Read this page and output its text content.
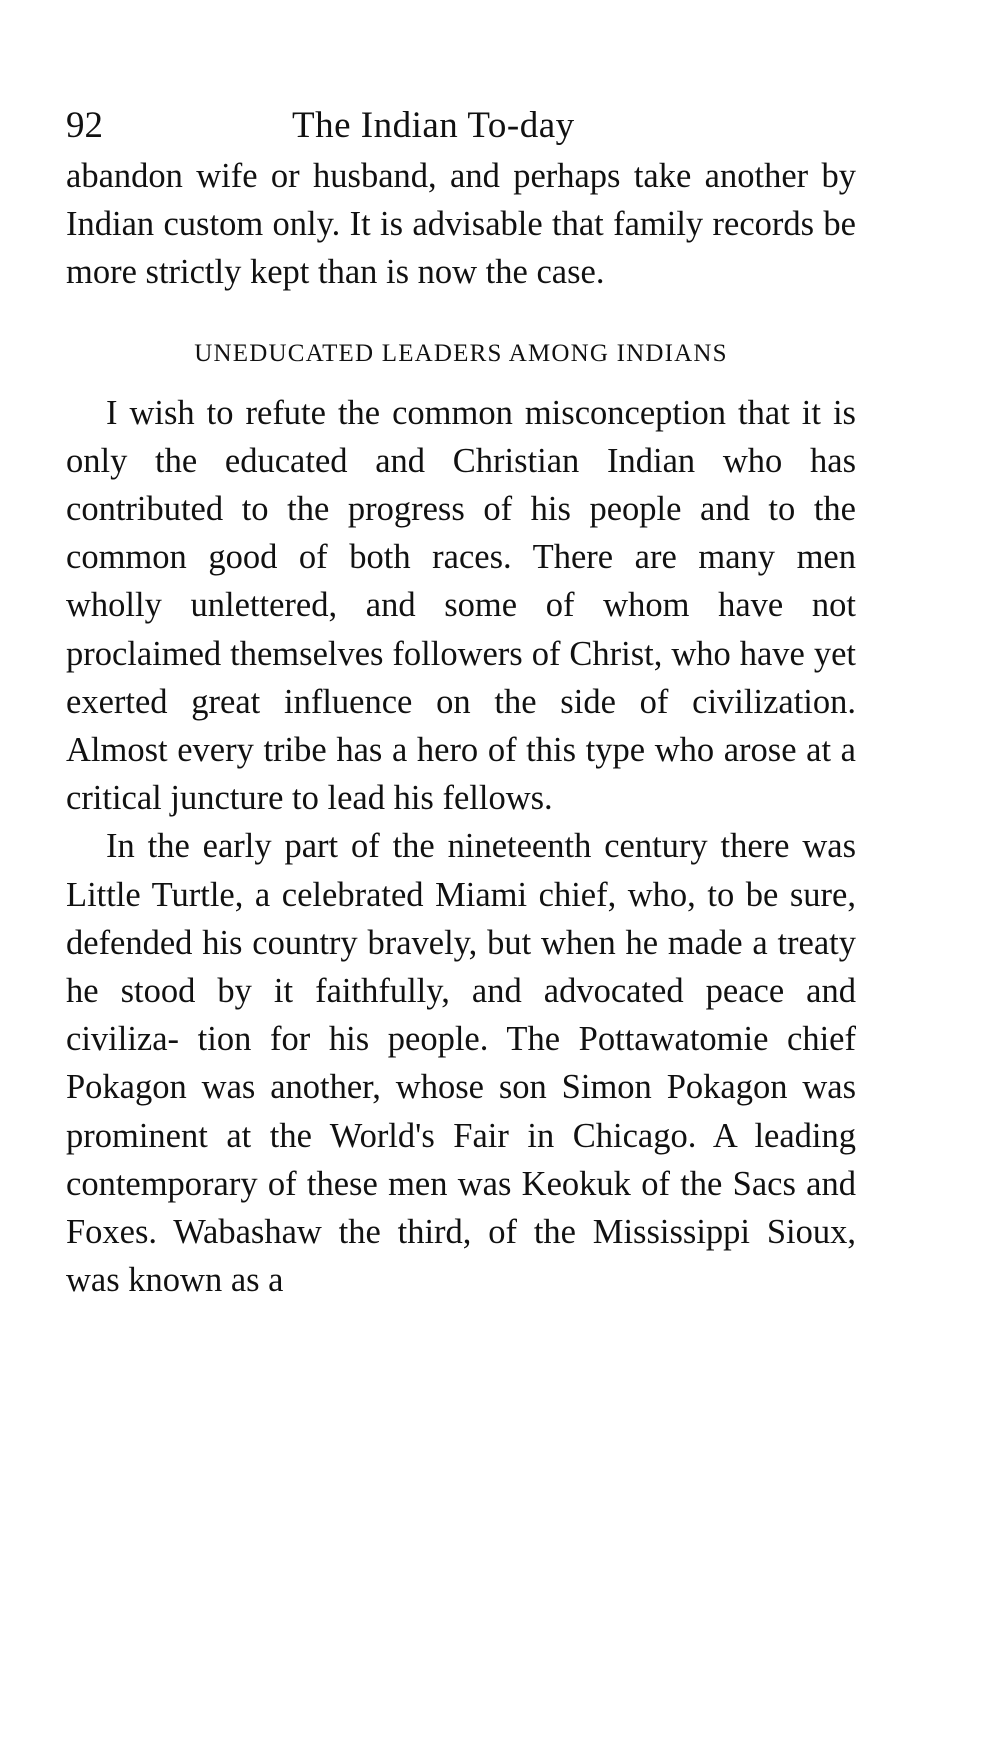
92	The Indian To-day

abandon wife or husband, and perhaps take another by Indian custom only. It is advisable that family records be more strictly kept than is now the case.

UNEDUCATED LEADERS AMONG INDIANS

I wish to refute the common misconception that it is only the educated and Christian Indian who has contributed to the progress of his people and to the common good of both races. There are many men wholly unlettered, and some of whom have not proclaimed themselves followers of Christ, who have yet exerted great influence on the side of civilization. Almost every tribe has a hero of this type who arose at a critical juncture to lead his fellows.

In the early part of the nineteenth century there was Little Turtle, a celebrated Miami chief, who, to be sure, defended his country bravely, but when he made a treaty he stood by it faithfully, and advocated peace and civiliza- tion for his people. The Pottawatomie chief Pokagon was another, whose son Simon Pokagon was prominent at the World's Fair in Chicago. A leading contemporary of these men was Keokuk of the Sacs and Foxes. Wabashaw the third, of the Mississippi Sioux, was known as a
